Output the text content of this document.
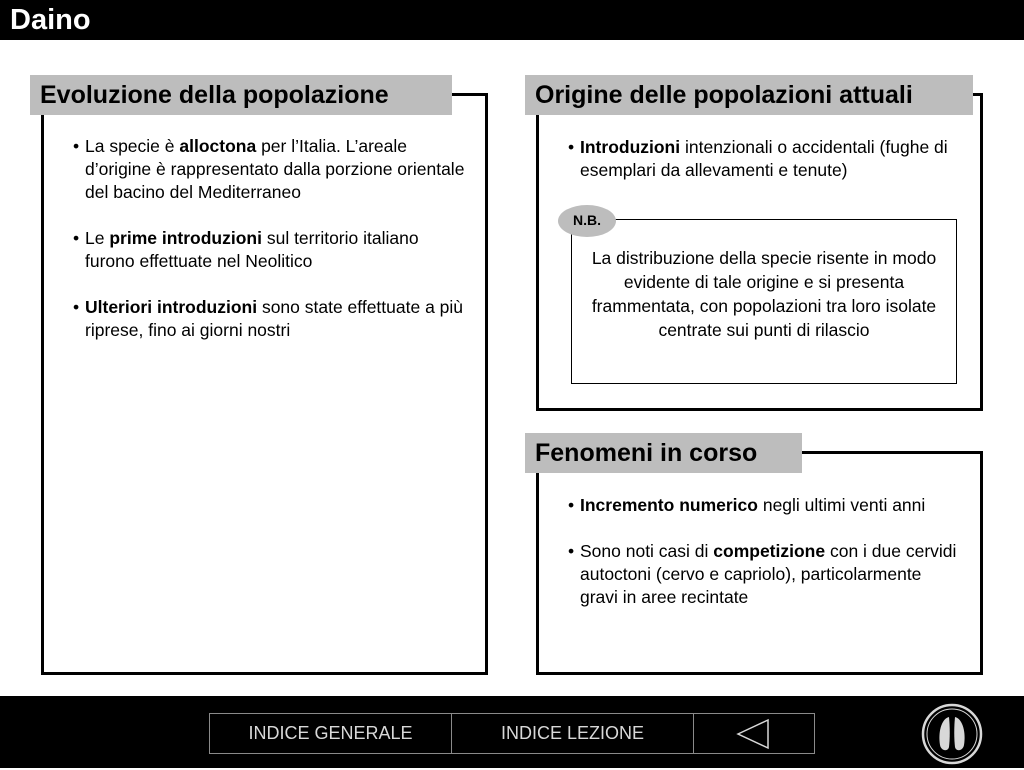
Daino
Evoluzione della popolazione
• La specie è alloctona per l’Italia. L’areale d’origine è rappresentato dalla porzione orientale del bacino del Mediterraneo
• Le prime introduzioni sul territorio italiano furono effettuate nel Neolitico
• Ulteriori introduzioni sono state effettuate a più riprese, fino ai giorni nostri
Origine delle popolazioni attuali
• Introduzioni intenzionali o accidentali (fughe di esemplari da allevamenti e tenute)
La distribuzione della specie risente in modo evidente di tale origine e si presenta frammentata, con popolazioni tra loro isolate centrate sui punti di rilascio
N.B.
Fenomeni in corso
• Incremento numerico negli ultimi venti anni
• Sono noti casi di competizione con i due cervidi autoctoni (cervo e capriolo), particolarmente gravi in aree recintate
INDICE GENERALE	INDICE LEZIONE
